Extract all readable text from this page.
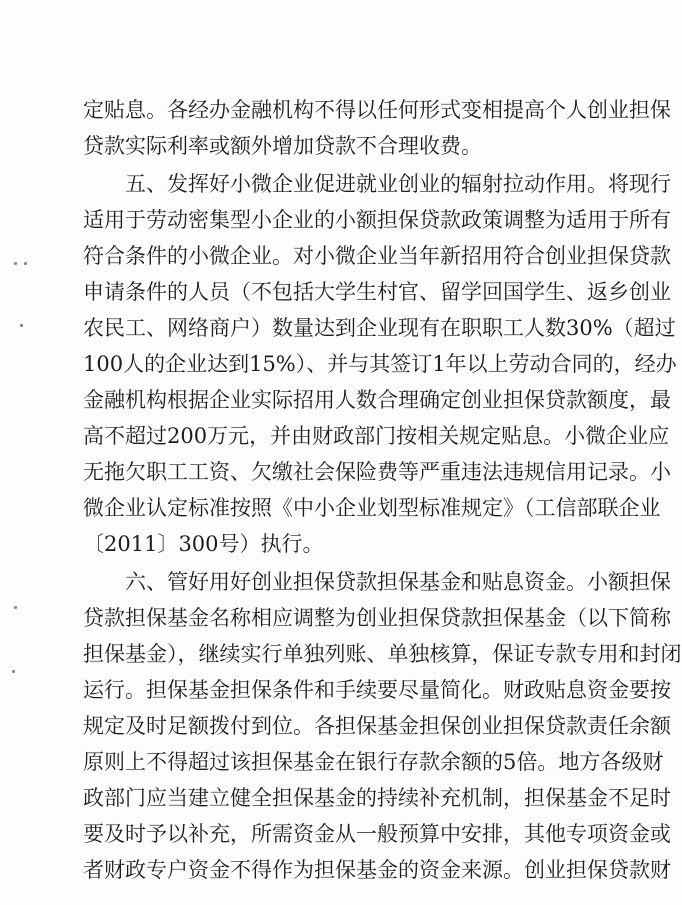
定贴息。各经办金融机构不得以任何形式变相提高个人创业担保
贷款实际利率或额外增加贷款不合理收费。
五、发挥好小微企业促进就业创业的辐射拉动作用。将现行
适用于劳动密集型小企业的小额担保贷款政策调整为适用于所有
符合条件的小微企业。对小微企业当年新招用符合创业担保贷款
申请条件的人员（不包括大学生村官、留学回国学生、返乡创业
农民工、网络商户）数量达到企业现有在职职工人数30%（超过
100人的企业达到15%）、并与其签订1年以上劳动合同的，经办
金融机构根据企业实际招用人数合理确定创业担保贷款额度，最
高不超过200万元，并由财政部门按相关规定贴息。小微企业应
无拖欠职工工资、欠缴社会保险费等严重违法违规信用记录。小
微企业认定标准按照《中小企业划型标准规定》（工信部联企业
〔2011〕300号）执行。
六、管好用好创业担保贷款担保基金和贴息资金。小额担保
贷款担保基金名称相应调整为创业担保贷款担保基金（以下简称
担保基金），继续实行单独列账、单独核算，保证专款专用和封闭
运行。担保基金担保条件和手续要尽量简化。财政贴息资金要按
规定及时足额拨付到位。各担保基金担保创业担保贷款责任余额
原则上不得超过该担保基金在银行存款余额的5倍。地方各级财
政部门应当建立健全担保基金的持续补充机制，担保基金不足时
要及时予以补充，所需资金从一般预算中安排，其他专项资金或
者财政专户资金不得作为担保基金的资金来源。创业担保贷款财
